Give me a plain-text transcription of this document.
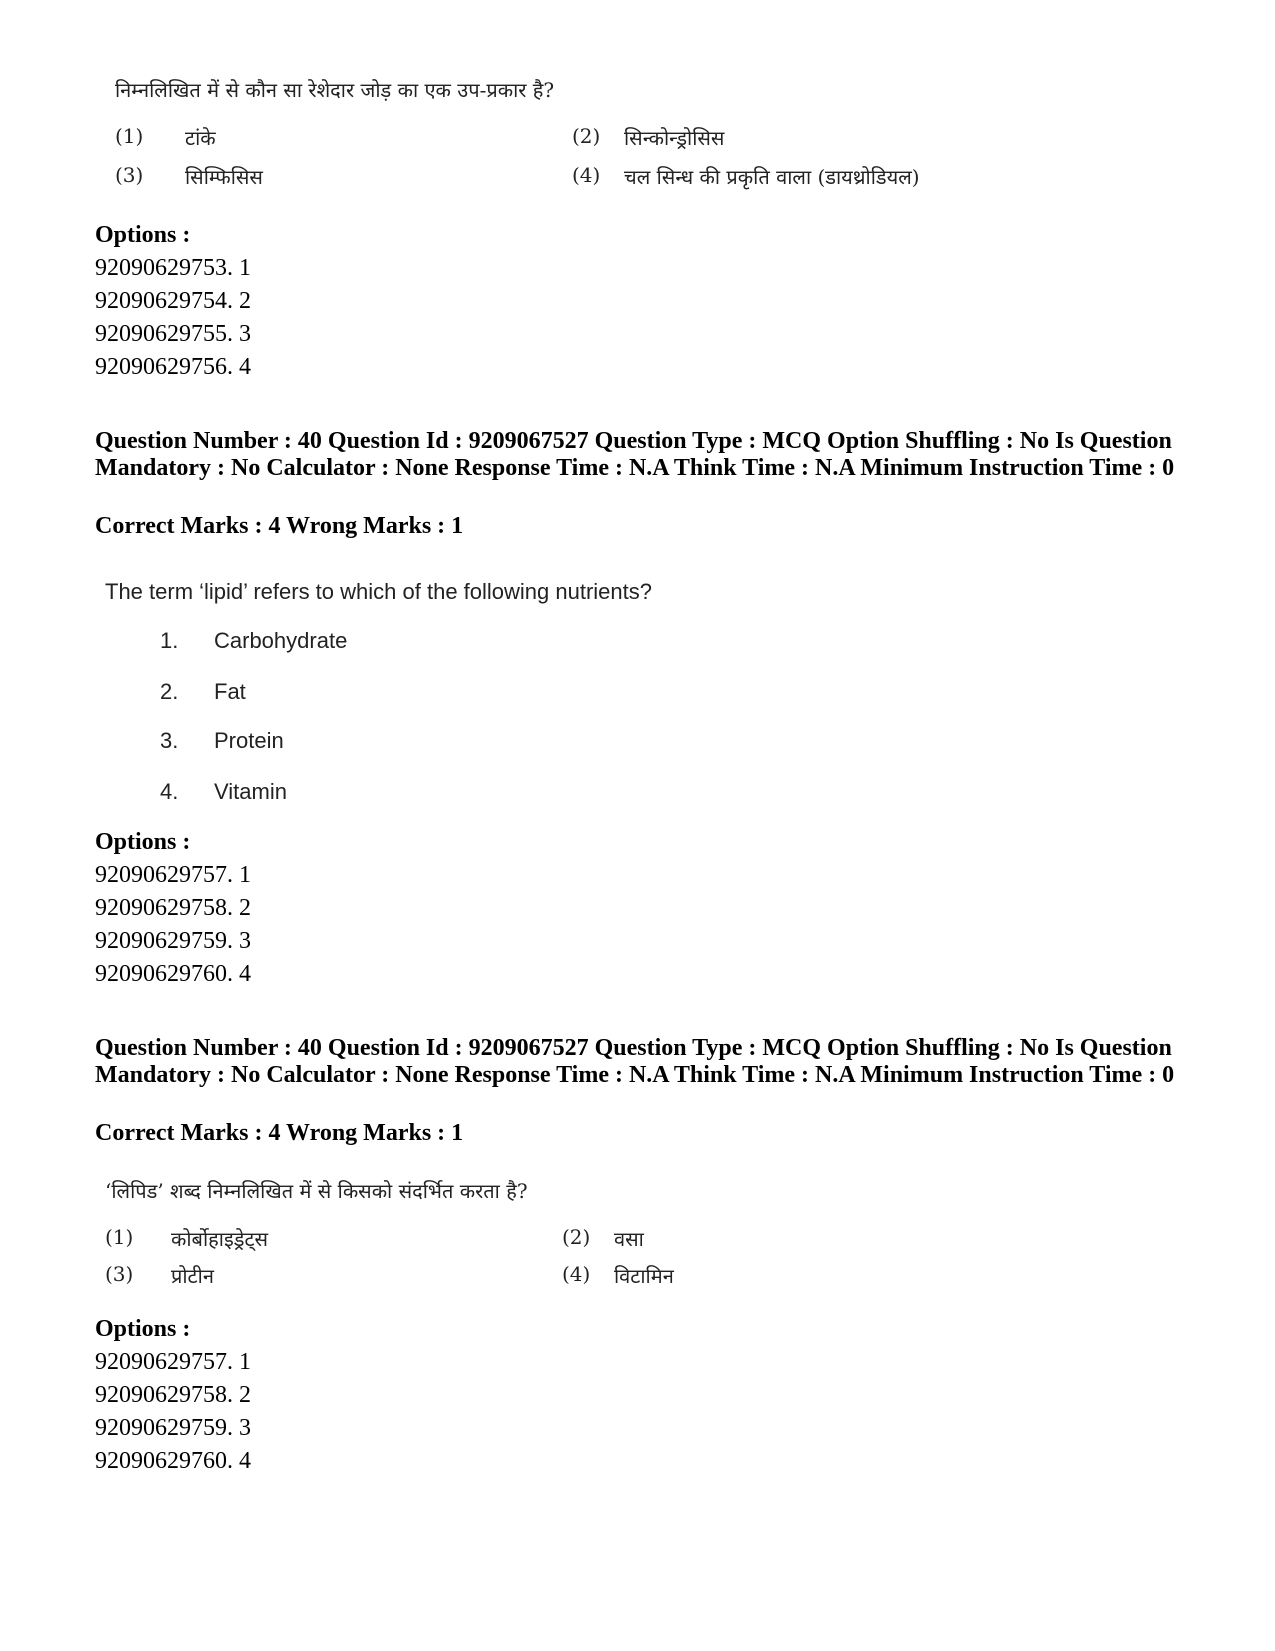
निम्नलिखित में से कौन सा रेशेदार जोड़ का एक उप-प्रकार है?
(1) टांके	(2) सिन्कोन्ड्रोसिस
(3) सिम्फिसिस	(4) चल सिन्ध की प्रकृति वाला (डायथ्रोडियल)
Options :
92090629753. 1
92090629754. 2
92090629755. 3
92090629756. 4
Question Number : 40 Question Id : 9209067527 Question Type : MCQ Option Shuffling : No Is Question Mandatory : No Calculator : None Response Time : N.A Think Time : N.A Minimum Instruction Time : 0
Correct Marks : 4 Wrong Marks : 1
The term ‘lipid’ refers to which of the following nutrients?
1. Carbohydrate
2. Fat
3. Protein
4. Vitamin
Options :
92090629757. 1
92090629758. 2
92090629759. 3
92090629760. 4
Question Number : 40 Question Id : 9209067527 Question Type : MCQ Option Shuffling : No Is Question Mandatory : No Calculator : None Response Time : N.A Think Time : N.A Minimum Instruction Time : 0
Correct Marks : 4 Wrong Marks : 1
‘लिपिड’ शब्द निम्नलिखित में से किसको संदर्भित करता है?
(1) कोर्बोहाइड्रेट्स	(2) वसा
(3) प्रोटीन	(4) विटामिन
Options :
92090629757. 1
92090629758. 2
92090629759. 3
92090629760. 4
